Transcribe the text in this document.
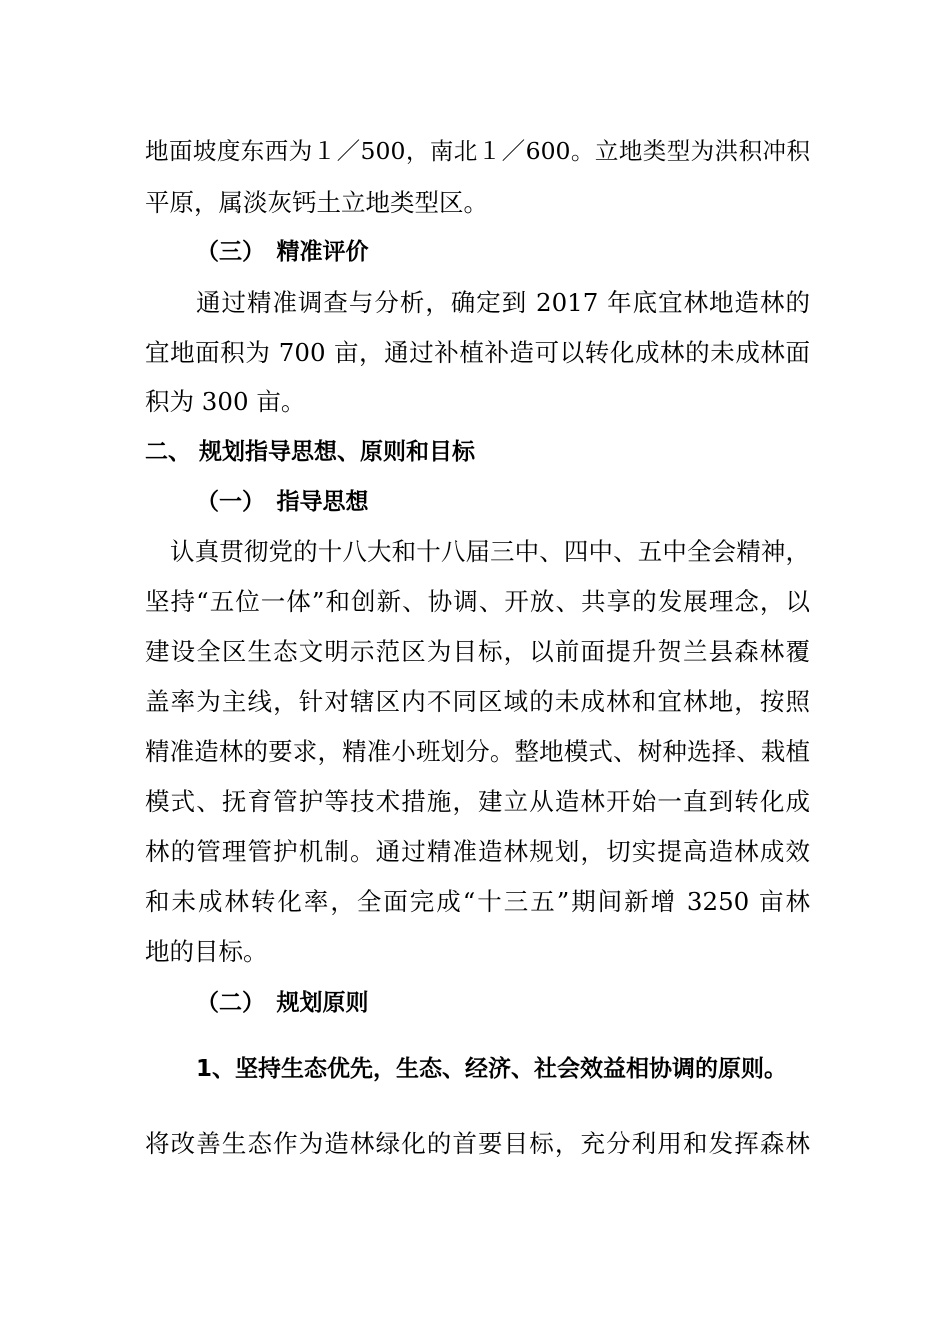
地面坡度东西为１／500，南北１／600。立地类型为洪积冲积
平原，属淡灰钙土立地类型区。
（三）　精准评价
通过精准调查与分析，确定到 2017 年底宜林地造林的
宜地面积为 700 亩，通过补植补造可以转化成林的未成林面
积为 300 亩。
二、 规划指导思想、原则和目标
（一）　指导思想
认真贯彻党的十八大和十八届三中、四中、五中全会精神，
坚持“五位一体”和创新、协调、开放、共享的发展理念，以
建设全区生态文明示范区为目标，以前面提升贺兰县森林覆
盖率为主线，针对辖区内不同区域的未成林和宜林地，按照
精准造林的要求，精准小班划分。整地模式、树种选择、栽植
模式、抚育管护等技术措施，建立从造林开始一直到转化成
林的管理管护机制。通过精准造林规划，切实提高造林成效
和未成林转化率，全面完成“十三五”期间新增 3250 亩林
地的目标。
（二）　规划原则
1、坚持生态优先，生态、经济、社会效益相协调的原则。
将改善生态作为造林绿化的首要目标，充分利用和发挥森林
